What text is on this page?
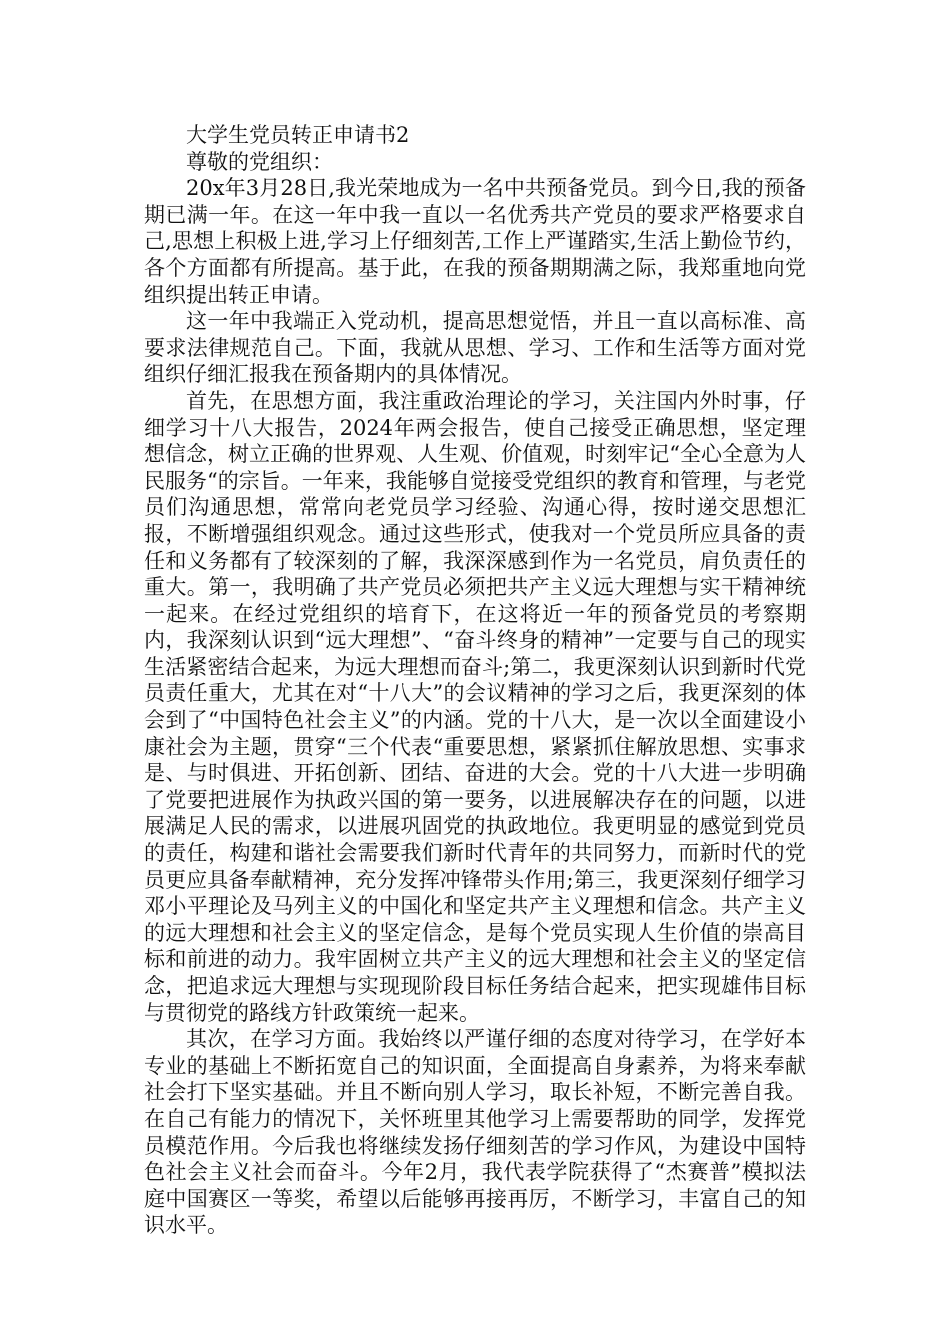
大学生党员转正申请书2

尊敬的党组织：

20x年3月28日,我光荣地成为一名中共预备党员。到今日,我的预备期已满一年。在这一年中我一直以一名优秀共产党员的要求严格要求自己,思想上积极上进,学习上仔细刻苦,工作上严谨踏实,生活上勤俭节约，各个方面都有所提高。基于此，在我的预备期期满之际，我郑重地向党组织提出转正申请。

这一年中我端正入党动机，提高思想觉悟，并且一直以高标准、高要求法律规范自己。下面，我就从思想、学习、工作和生活等方面对党组织仔细汇报我在预备期内的具体情况。

首先，在思想方面，我注重政治理论的学习，关注国内外时事，仔细学习十八大报告，2024年两会报告，使自己接受正确思想，坚定理想信念，树立正确的世界观、人生观、价值观，时刻牢记“全心全意为人民服务“的宗旨。一年来，我能够自觉接受党组织的教育和管理，与老党员们沟通思想，常常向老党员学习经验、沟通心得，按时递交思想汇报，不断增强组织观念。通过这些形式，使我对一个党员所应具备的责任和义务都有了较深刻的了解，我深深感到作为一名党员，肩负责任的重大。第一，我明确了共产党员必须把共产主义远大理想与实干精神统一起来。在经过党组织的培育下，在这将近一年的预备党员的考察期内，我深刻认识到“远大理想”、“奋斗终身的精神”一定要与自己的现实生活紧密结合起来，为远大理想而奋斗;第二，我更深刻认识到新时代党员责任重大，尤其在对“十八大”的会议精神的学习之后，我更深刻的体会到了“中国特色社会主义”的内涵。党的十八大，是一次以全面建设小康社会为主题，贯穿“三个代表“重要思想，紧紧抓住解放思想、实事求是、与时俱进、开拓创新、团结、奋进的大会。党的十八大进一步明确了党要把进展作为执政兴国的第一要务，以进展解决存在的问题，以进展满足人民的需求，以进展巩固党的执政地位。我更明显的感觉到党员的责任，构建和谐社会需要我们新时代青年的共同努力，而新时代的党员更应具备奉献精神，充分发挥冲锋带头作用;第三，我更深刻仔细学习邓小平理论及马列主义的中国化和坚定共产主义理想和信念。共产主义的远大理想和社会主义的坚定信念，是每个党员实现人生价值的崇高目标和前进的动力。我牢固树立共产主义的远大理想和社会主义的坚定信念，把追求远大理想与实现现阶段目标任务结合起来，把实现雄伟目标与贯彻党的路线方针政策统一起来。

其次，在学习方面。我始终以严谨仔细的态度对待学习，在学好本专业的基础上不断拓宽自己的知识面，全面提高自身素养，为将来奉献社会打下坚实基础。并且不断向别人学习，取长补短，不断完善自我。在自己有能力的情况下，关怀班里其他学习上需要帮助的同学，发挥党员模范作用。今后我也将继续发扬仔细刻苦的学习作风，为建设中国特色社会主义社会而奋斗。今年2月，我代表学院获得了“杰赛普”模拟法庭中国赛区一等奖，希望以后能够再接再厉，不断学习，丰富自己的知识水平。
